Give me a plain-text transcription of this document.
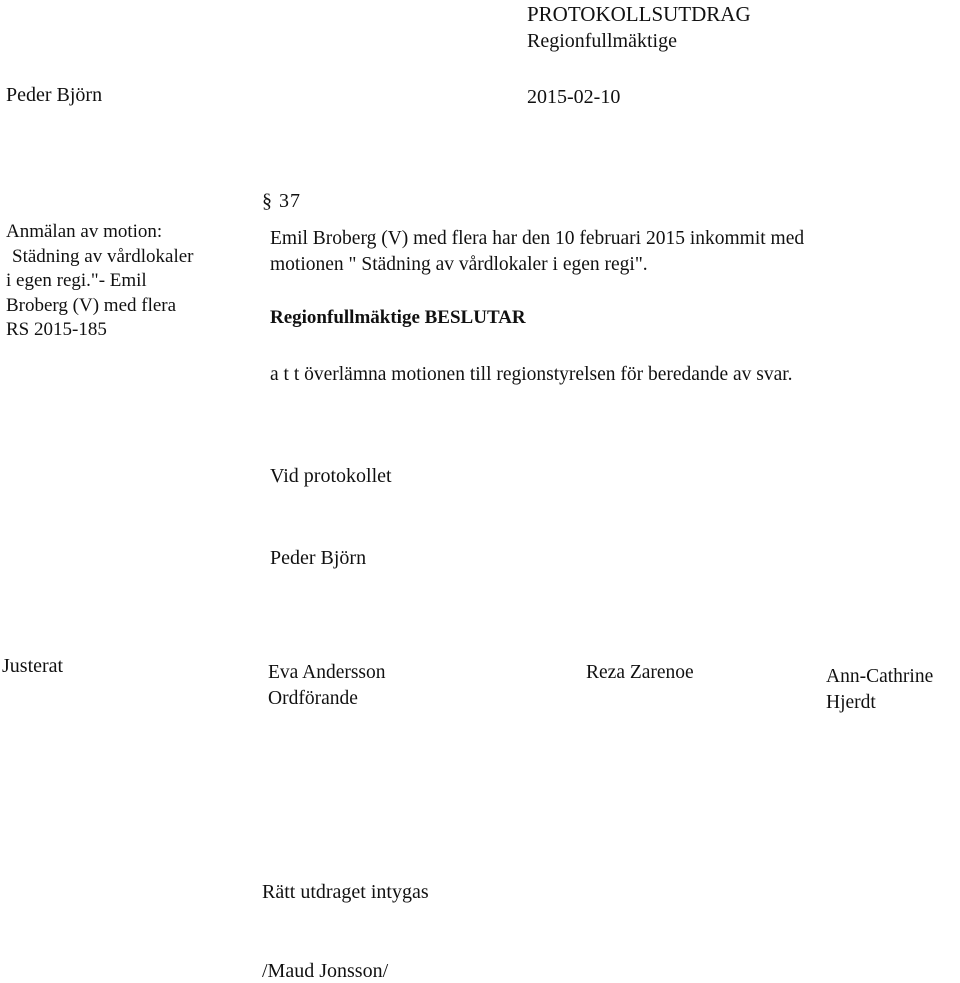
PROTOKOLLSUTDRAG
Regionfullmäktige
Peder Björn	2015-02-10
Anmälan av motion:
Städning av vårdlokaler
i egen regi."- Emil
Broberg (V) med flera
RS 2015-185
§ 37
Emil Broberg (V) med flera har den 10 februari 2015 inkommit med
motionen " Städning av vårdlokaler i egen regi".
Regionfullmäktige BESLUTAR
a t t överlämna motionen till regionstyrelsen för beredande av svar.
Vid protokollet
Peder Björn
Justerat	Eva Andersson
Ordförande
Reza Zarenoe	Ann-Cathrine
Hjerdt
Rätt utdraget intygas
/Maud Jonsson/
